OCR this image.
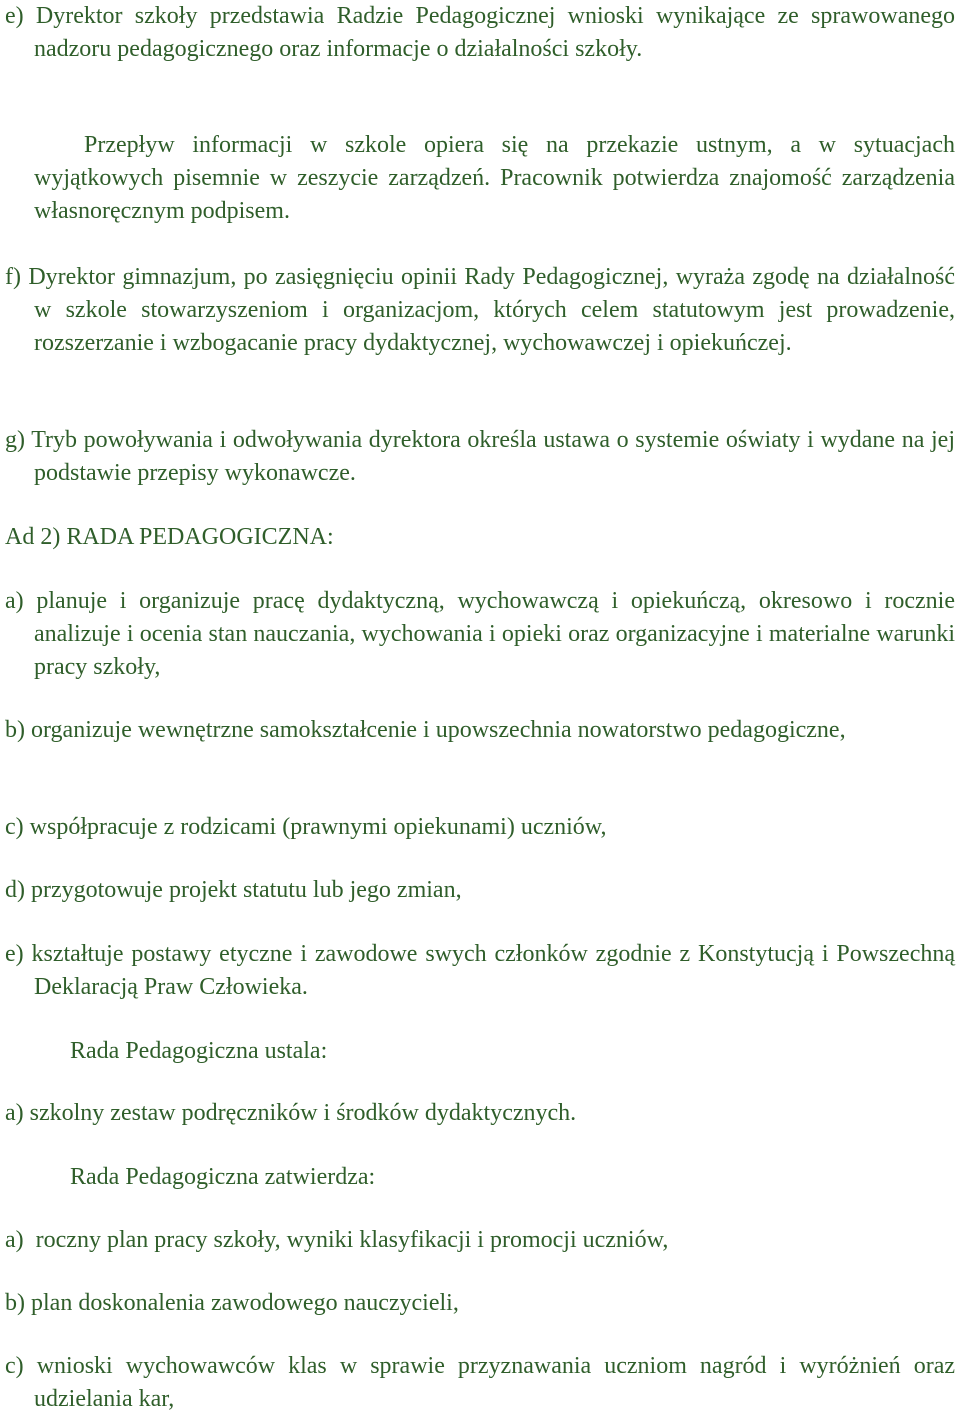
e) Dyrektor szkoły przedstawia Radzie Pedagogicznej wnioski wynikające ze sprawowanego nadzoru pedagogicznego oraz informacje o działalności szkoły.

Przepływ informacji w szkole opiera się na przekazie ustnym, a w sytuacjach wyjątkowych pisemnie w zeszycie zarządzeń. Pracownik potwierdza znajomość zarządzenia własnoręcznym podpisem.

f) Dyrektor gimnazjum, po zasięgnięciu opinii Rady Pedagogicznej, wyraża zgodę na działalność w szkole stowarzyszeniom i organizacjom, których celem statutowym jest prowadzenie, rozszerzanie i wzbogacanie pracy dydaktycznej, wychowawczej i opiekuńczej.

g) Tryb powoływania i odwoływania dyrektora określa ustawa o systemie oświaty i wydane na jej podstawie przepisy wykonawcze.

Ad 2) RADA PEDAGOGICZNA:

a) planuje i organizuje pracę dydaktyczną, wychowawczą i opiekuńczą, okresowo i rocznie analizuje i ocenia stan nauczania, wychowania i opieki oraz organizacyjne i materialne warunki pracy szkoły,

b) organizuje wewnętrzne samokształcenie i upowszechnia nowatorstwo pedagogiczne,

c) współpracuje z rodzicami (prawnymi opiekunami) uczniów,

d) przygotowuje projekt statutu lub jego zmian,

e) kształtuje postawy etyczne i zawodowe swych członków zgodnie z Konstytucją i Powszechną Deklaracją Praw Człowieka.

Rada Pedagogiczna ustala:

a) szkolny zestaw podręczników i środków dydaktycznych.

Rada Pedagogiczna zatwierdza:

a)  roczny plan pracy szkoły, wyniki klasyfikacji i promocji uczniów,

b) plan doskonalenia zawodowego nauczycieli,

c) wnioski wychowawców klas w sprawie przyznawania uczniom nagród i wyróżnień oraz udzielania kar,
